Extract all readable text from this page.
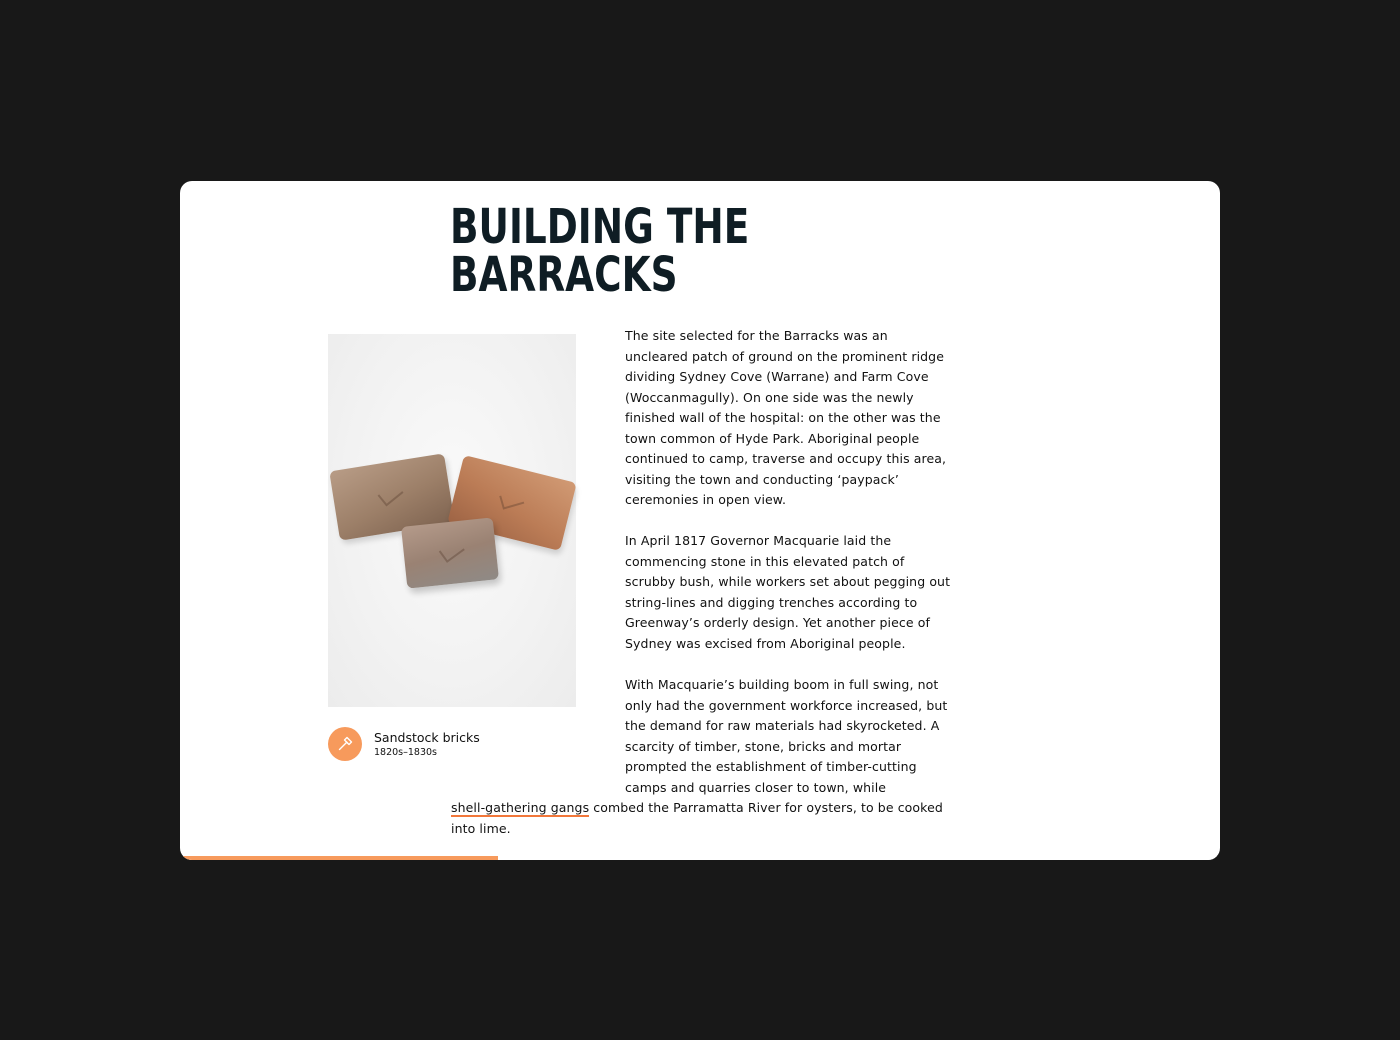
BUILDING THE
BARRACKS
Sandstock bricks
1820s–1830s
The site selected for the Barracks was an
uncleared patch of ground on the prominent ridge
dividing Sydney Cove (Warrane) and Farm Cove
(Woccanmagully). On one side was the newly
finished wall of the hospital: on the other was the
town common of Hyde Park. Aboriginal people
continued to camp, traverse and occupy this area,
visiting the town and conducting ‘paypack’
ceremonies in open view.
In April 1817 Governor Macquarie laid the
commencing stone in this elevated patch of
scrubby bush, while workers set about pegging out
string-lines and digging trenches according to
Greenway’s orderly design. Yet another piece of
Sydney was excised from Aboriginal people.
With Macquarie’s building boom in full swing, not
only had the government workforce increased, but
the demand for raw materials had skyrocketed. A
scarcity of timber, stone, bricks and mortar
prompted the establishment of timber-cutting
camps and quarries closer to town, while
shell-gathering gangs combed the Parramatta River for oysters, to be cooked
into lime.
